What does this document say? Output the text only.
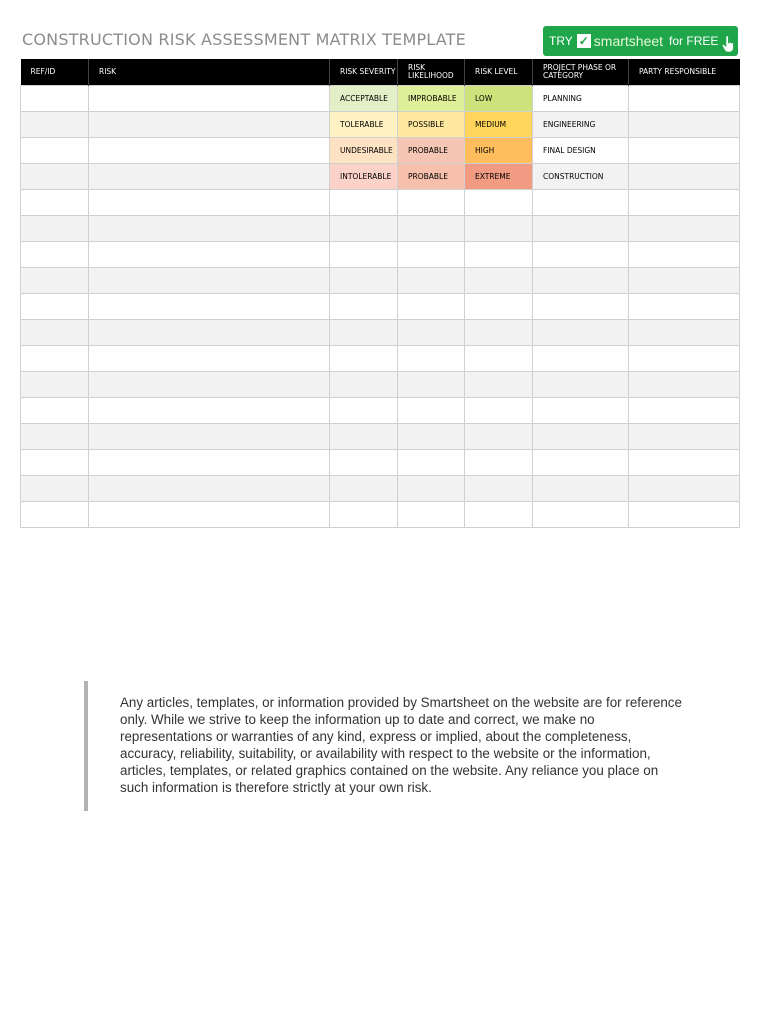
CONSTRUCTION RISK ASSESSMENT MATRIX TEMPLATE	TRY ✓ smartsheet for FREE
REF/ID	RISK	RISK SEVERITY	RISK LIKELIHOOD	RISK LEVEL	PROJECT PHASE OR CATEGORY	PARTY RESPONSIBLE
		ACCEPTABLE	IMPROBABLE	LOW	PLANNING	
		TOLERABLE	POSSIBLE	MEDIUM	ENGINEERING	
		UNDESIRABLE	PROBABLE	HIGH	FINAL DESIGN	
		INTOLERABLE	PROBABLE	EXTREME	CONSTRUCTION	

Any articles, templates, or information provided by Smartsheet on the website are for reference only. While we strive to keep the information up to date and correct, we make no representations or warranties of any kind, express or implied, about the completeness, accuracy, reliability, suitability, or availability with respect to the website or the information, articles, templates, or related graphics contained on the website. Any reliance you place on such information is therefore strictly at your own risk.
